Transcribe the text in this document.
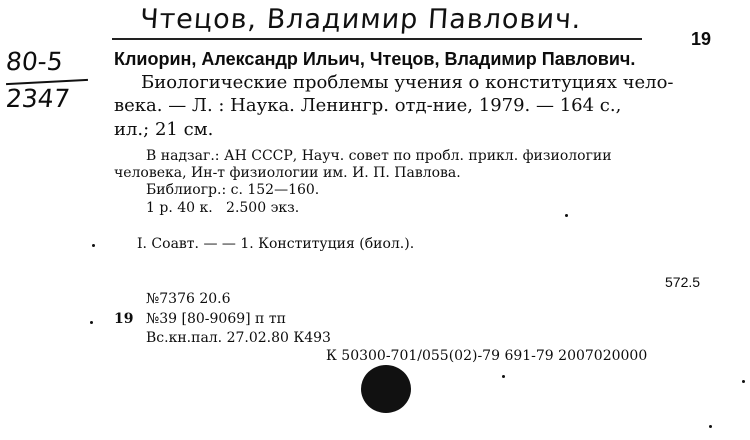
Чтецов, Владимир Павлович.
80-5
2347
19
Клиорин, Александр Ильич, Чтецов, Владимир Павлович.
Биологические проблемы учения о конституциях чело-
века. — Л. : Наука. Ленингр. отд-ние, 1979. — 164 с.,
ил.; 21 см.
В надзаг.: АН СССР, Науч. совет по пробл. прикл. физиологии
человека, Ин-т физиологии им. И. П. Павлова.
Библиогр.: с. 152—160.
1 р. 40 к.   2.500 экз.
I. Соавт. — — 1. Конституция (биол.).
572.5
№7376 20.6
19 №39 [80-9069] п тп
Вс.кн.пал. 27.02.80 К493
К 50300-701/055(02)-79 691-79 2007020000
